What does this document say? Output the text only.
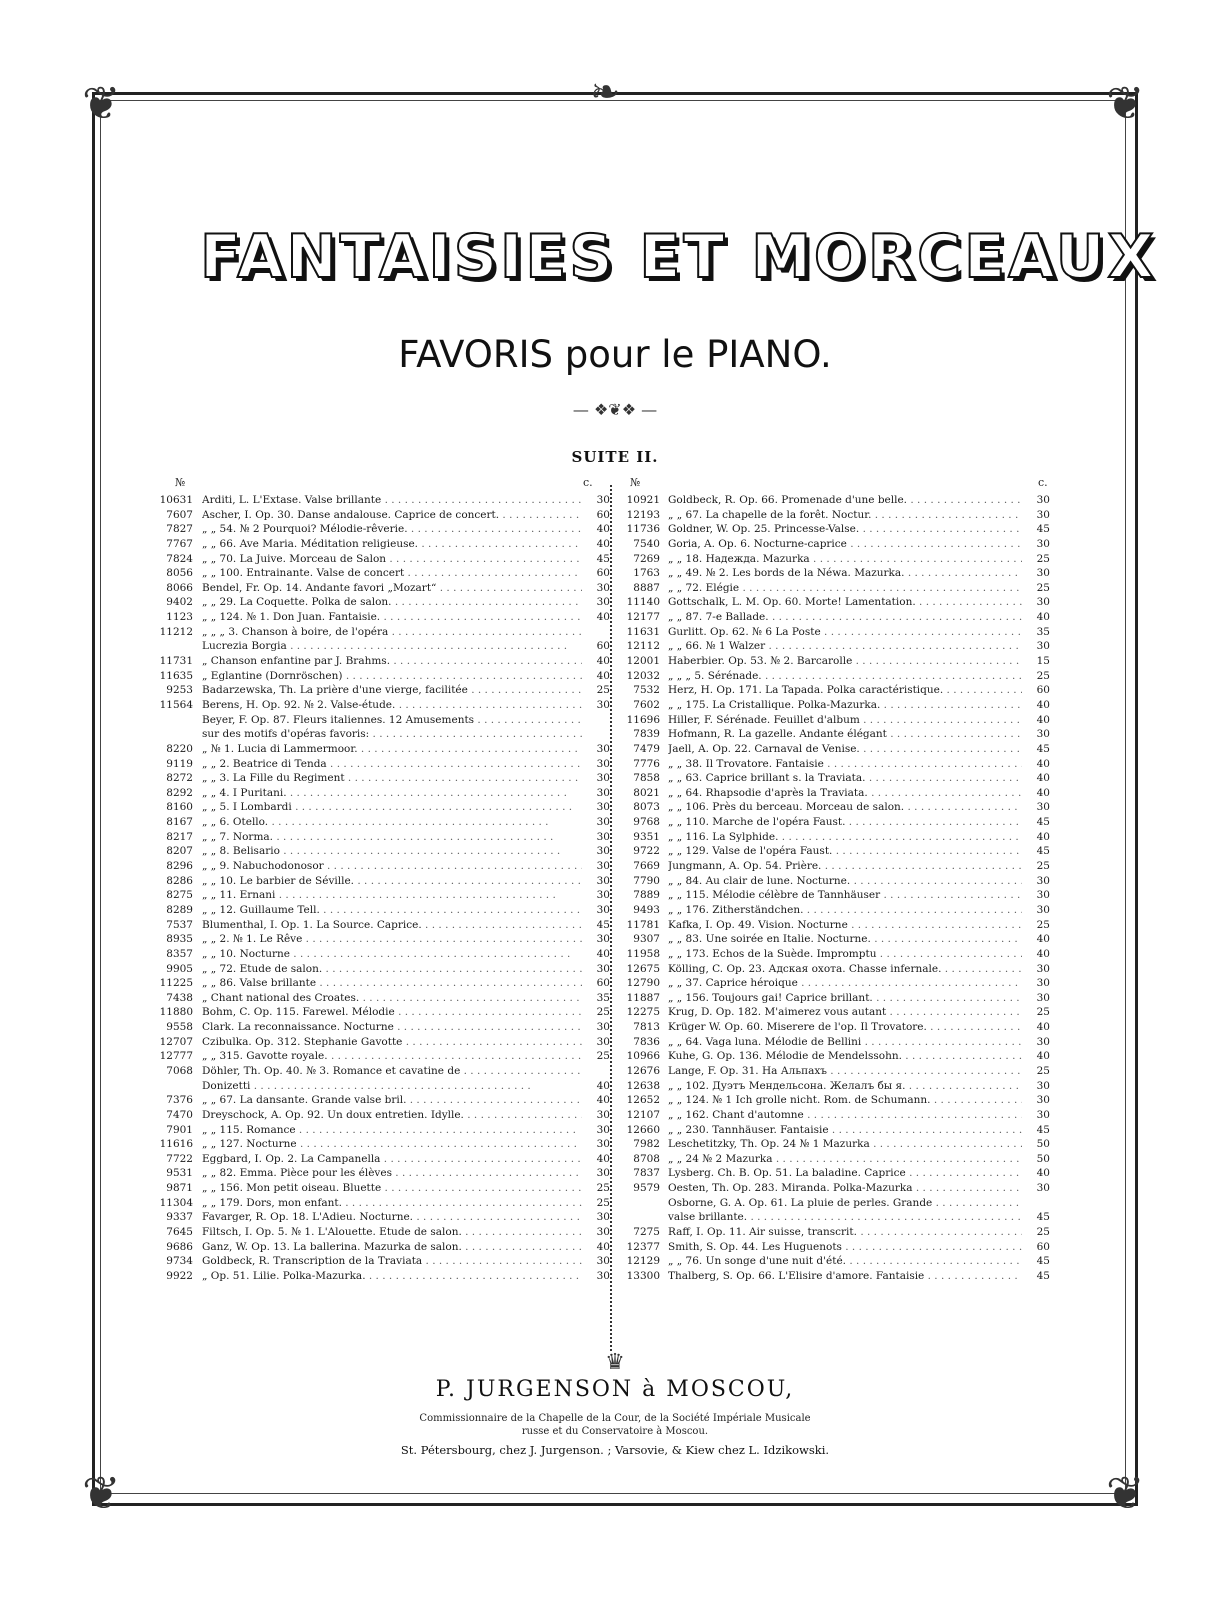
❦	❦
❦	❦
❧
FANTAISIES ET MORCEAUX
FAVORIS pour le PIANO.
— ❖❦❖ —
SUITE II.
№	c.	№	c.
10631 Arditi, L. L'Extase. Valse brillante . . .	30
7607 Ascher, I. Op. 30. Danse andalouse. Caprice de concert. . . .	60
7827 „ „ 54. № 2 Pourquoi? Mélodie-rêverie. . . .	40
7767 „ „ 66. Ave Maria. Méditation religieuse. . . .	40
7824 „ „ 70. La Juive. Morceau de Salon . . .	45
8056 „ „ 100. Entrainante. Valse de concert . . .	60
8066 Bendel, Fr. Op. 14. Andante favori „Mozart“ . . .	30
9402 „ „ 29. La Coquette. Polka de salon. . . .	30
1123 „ „ 124. № 1. Don Juan. Fantaisie. . . .	40
11212 „ „ „ 3. Chanson à boire, de l'opéra . . .
Lucrezia Borgia . . .	60
11731 „ Chanson enfantine par J. Brahms. . . .	40
11635 „ Eglantine (Dornröschen) . . .	40
9253 Badarzewska, Th. La prière d'une vierge, facilitée . . .	25
11564 Berens, H. Op. 92. № 2. Valse-étude. . . .	30
Beyer, F. Op. 87. Fleurs italiennes. 12 Amusements . . .
sur des motifs d'opéras favoris: . . .
8220 „ № 1. Lucia di Lammermoor. . . .	30
9119 „ „ 2. Beatrice di Tenda . . .	30
8272 „ „ 3. La Fille du Regiment . . .	30
8292 „ „ 4. I Puritani. . . .	30
8160 „ „ 5. I Lombardi . . .	30
8167 „ „ 6. Otello. . . .	30
8217 „ „ 7. Norma. . . .	30
8207 „ „ 8. Belisario . . .	30
8296 „ „ 9. Nabuchodonosor . . .	30
8286 „ „ 10. Le barbier de Séville. . . .	30
8275 „ „ 11. Ernani . . .	30
8289 „ „ 12. Guillaume Tell. . . .	30
7537 Blumenthal, I. Op. 1. La Source. Caprice. . . .	45
8935 „ „ 2. № 1. Le Rêve . . .	30
8357 „ „ 10. Nocturne . . .	40
9905 „ „ 72. Etude de salon. . . .	30
11225 „ „ 86. Valse brillante . . .	60
7438 „ Chant national des Croates. . . .	35
11880 Bohm, C. Op. 115. Farewel. Mélodie . . .	25
9558 Clark. La reconnaissance. Nocturne . . .	30
12707 Czibulka. Op. 312. Stephanie Gavotte . . .	30
12777 „ „ 315. Gavotte royale. . . .	25
7068 Döhler, Th. Op. 40. № 3. Romance et cavatine de . . .
Donizetti . . .	40
7376 „ „ 67. La dansante. Grande valse bril. . . .	40
7470 Dreyschock, A. Op. 92. Un doux entretien. Idylle. . . .	30
7901 „ „ 115. Romance . . .	30
11616 „ „ 127. Nocturne . . .	30
7722 Eggbard, I. Op. 2. La Campanella . . .	40
9531 „ „ 82. Emma. Pièce pour les élèves . . .	30
9871 „ „ 156. Mon petit oiseau. Bluette . . .	25
11304 „ „ 179. Dors, mon enfant. . . .	25
9337 Favarger, R. Op. 18. L'Adieu. Nocturne. . . .	30
7645 Filtsch, I. Op. 5. № 1. L'Alouette. Etude de salon. . . .	30
9686 Ganz, W. Op. 13. La ballerina. Mazurka de salon. . . .	40
9734 Goldbeck, R. Transcription de la Traviata . . .	30
9922 „ Op. 51. Lilie. Polka-Mazurka. . . .	30
10921 Goldbeck, R. Op. 66. Promenade d'une belle. . . .	30
12193 „ „ 67. La chapelle de la forêt. Noctur. . . .	30
11736 Goldner, W. Op. 25. Princesse-Valse. . . .	45
7540 Goria, A. Op. 6. Nocturne-caprice . . .	30
7269 „ „ 18. Надежда. Mazurka . . .	25
1763 „ „ 49. № 2. Les bords de la Néwa. Mazurka. . . .	30
8887 „ „ 72. Elégie . . .	25
11140 Gottschalk, L. M. Op. 60. Morte! Lamentation. . . .	30
12177 „ „ 87. 7-e Ballade. . . .	40
11631 Gurlitt. Op. 62. № 6 La Poste . . .	35
12112 „ „ 66. № 1 Walzer . . .	30
12001 Haberbier. Op. 53. № 2. Barcarolle . . .	15
12032 „ „ „ 5. Sérénade. . . .	25
7532 Herz, H. Op. 171. La Tapada. Polka caractéristique. . . .	60
7602 „ „ 175. La Cristallique. Polka-Mazurka. . . .	40
11696 Hiller, F. Sérénade. Feuillet d'album . . .	40
7839 Hofmann, R. La gazelle. Andante élégant . . .	30
7479 Jaell, A. Op. 22. Carnaval de Venise. . . .	45
7776 „ „ 38. Il Trovatore. Fantaisie . . .	40
7858 „ „ 63. Caprice brillant s. la Traviata. . . .	40
8021 „ „ 64. Rhapsodie d'après la Traviata. . . .	40
8073 „ „ 106. Près du berceau. Morceau de salon. . . .	30
9768 „ „ 110. Marche de l'opéra Faust. . . .	45
9351 „ „ 116. La Sylphide. . . .	40
9722 „ „ 129. Valse de l'opéra Faust. . . .	45
7669 Jungmann, A. Op. 54. Prière. . . .	25
7790 „ „ 84. Au clair de lune. Nocturne. . . .	30
7889 „ „ 115. Mélodie célèbre de Tannhäuser . . .	30
9493 „ „ 176. Zitherständchen. . . .	30
11781 Kafka, I. Op. 49. Vision. Nocturne . . .	25
9307 „ „ 83. Une soirée en Italie. Nocturne. . . .	40
11958 „ „ 173. Echos de la Suède. Impromptu . . .	40
12675 Kölling, C. Op. 23. Адская охота. Chasse infernale. . . .	30
12790 „ „ 37. Caprice héroique . . .	30
11887 „ „ 156. Toujours gai! Caprice brillant. . . .	30
12275 Krug, D. Op. 182. M'aimerez vous autant . . .	25
7813 Krüger W. Op. 60. Miserere de l'op. Il Trovatore. . . .	40
7836 „ „ 64. Vaga luna. Mélodie de Bellini . . .	30
10966 Kuhe, G. Op. 136. Mélodie de Mendelssohn. . . .	40
12676 Lange, F. Op. 31. На Альпахъ . . .	25
12638 „ „ 102. Дуэтъ Мендельсона. Желалъ бы я. . . .	30
12652 „ „ 124. № 1 Ich grolle nicht. Rom. de Schumann. . . .	30
12107 „ „ 162. Chant d'automne . . .	30
12660 „ „ 230. Tannhäuser. Fantaisie . . .	45
7982 Leschetitzky, Th. Op. 24 № 1 Mazurka . . .	50
8708 „ „ 24 № 2 Mazurka . . .	50
7837 Lysberg. Ch. B. Op. 51. La baladine. Caprice . . .	40
9579 Oesten, Th. Op. 283. Miranda. Polka-Mazurka . . .	30
Osborne, G. A. Op. 61. La pluie de perles. Grande . . .
valse brillante. . . .	45
7275 Raff, I. Op. 11. Air suisse, transcrit. . . .	25
12377 Smith, S. Op. 44. Les Huguenots . . .	60
12129 „ „ 76. Un songe d'une nuit d'été. . . .	45
13300 Thalberg, S. Op. 66. L'Elisire d'amore. Fantaisie . . .	45
♛
P. JURGENSON à MOSCOU,
Commissionnaire de la Chapelle de la Cour, de la Société Impériale Musicale
russe et du Conservatoire à Moscou.
St. Pétersbourg, chez J. Jurgenson. ; Varsovie, & Kiew chez L. Idzikowski.
